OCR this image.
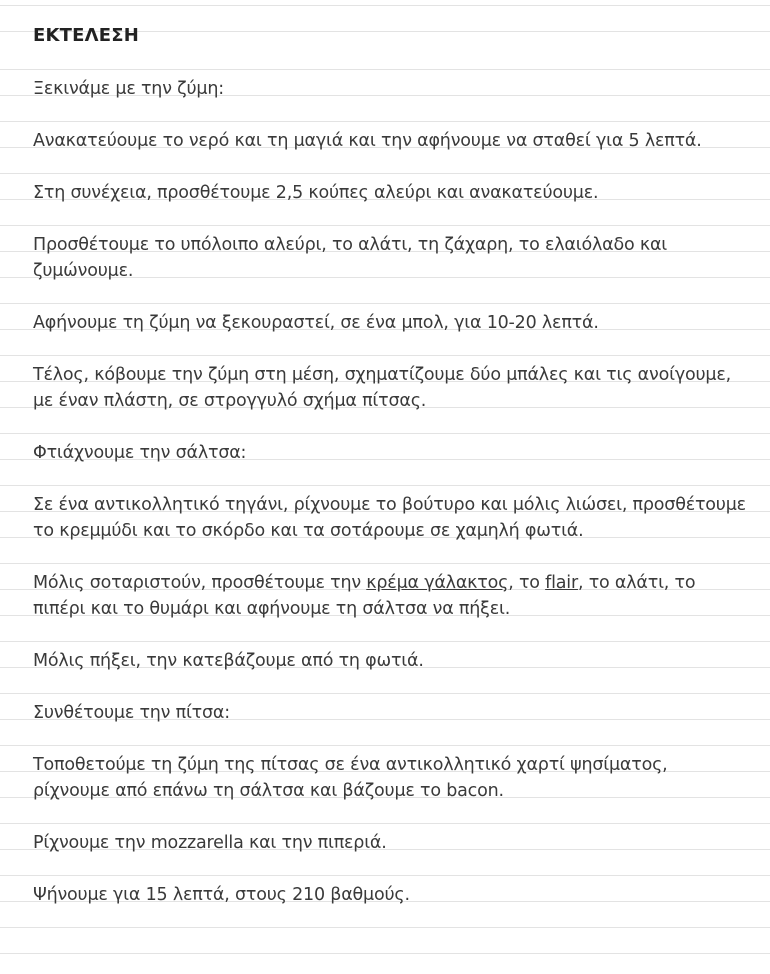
ΕΚΤΕΛΕΣΗ
Ξεκινάμε με την ζύμη:
Ανακατεύουμε το νερό και τη μαγιά και την αφήνουμε να σταθεί για 5 λεπτά.
Στη συνέχεια, προσθέτουμε 2,5 κούπες αλεύρι και ανακατεύουμε.
Προσθέτουμε το υπόλοιπο αλεύρι, το αλάτι, τη ζάχαρη, το ελαιόλαδο και ζυμώνουμε.
Αφήνουμε τη ζύμη να ξεκουραστεί, σε ένα μπολ, για 10-20 λεπτά.
Τέλος, κόβουμε την ζύμη στη μέση, σχηματίζουμε δύο μπάλες και τις ανοίγουμε, με έναν πλάστη, σε στρογγυλό σχήμα πίτσας.
Φτιάχνουμε την σάλτσα:
Σε ένα αντικολλητικό τηγάνι, ρίχνουμε το βούτυρο και μόλις λιώσει, προσθέτουμε το κρεμμύδι και το σκόρδο και τα σοτάρουμε σε χαμηλή φωτιά.
Μόλις σοταριστούν, προσθέτουμε την κρέμα γάλακτος, το flair, το αλάτι, το πιπέρι και το θυμάρι και αφήνουμε τη σάλτσα να πήξει.
Μόλις πήξει, την κατεβάζουμε από τη φωτιά.
Συνθέτουμε την πίτσα:
Τοποθετούμε τη ζύμη της πίτσας σε ένα αντικολλητικό χαρτί ψησίματος, ρίχνουμε από επάνω τη σάλτσα και βάζουμε το bacon.
Ρίχνουμε την mozzarella και την πιπεριά.
Ψήνουμε για 15 λεπτά, στους 210 βαθμούς.
